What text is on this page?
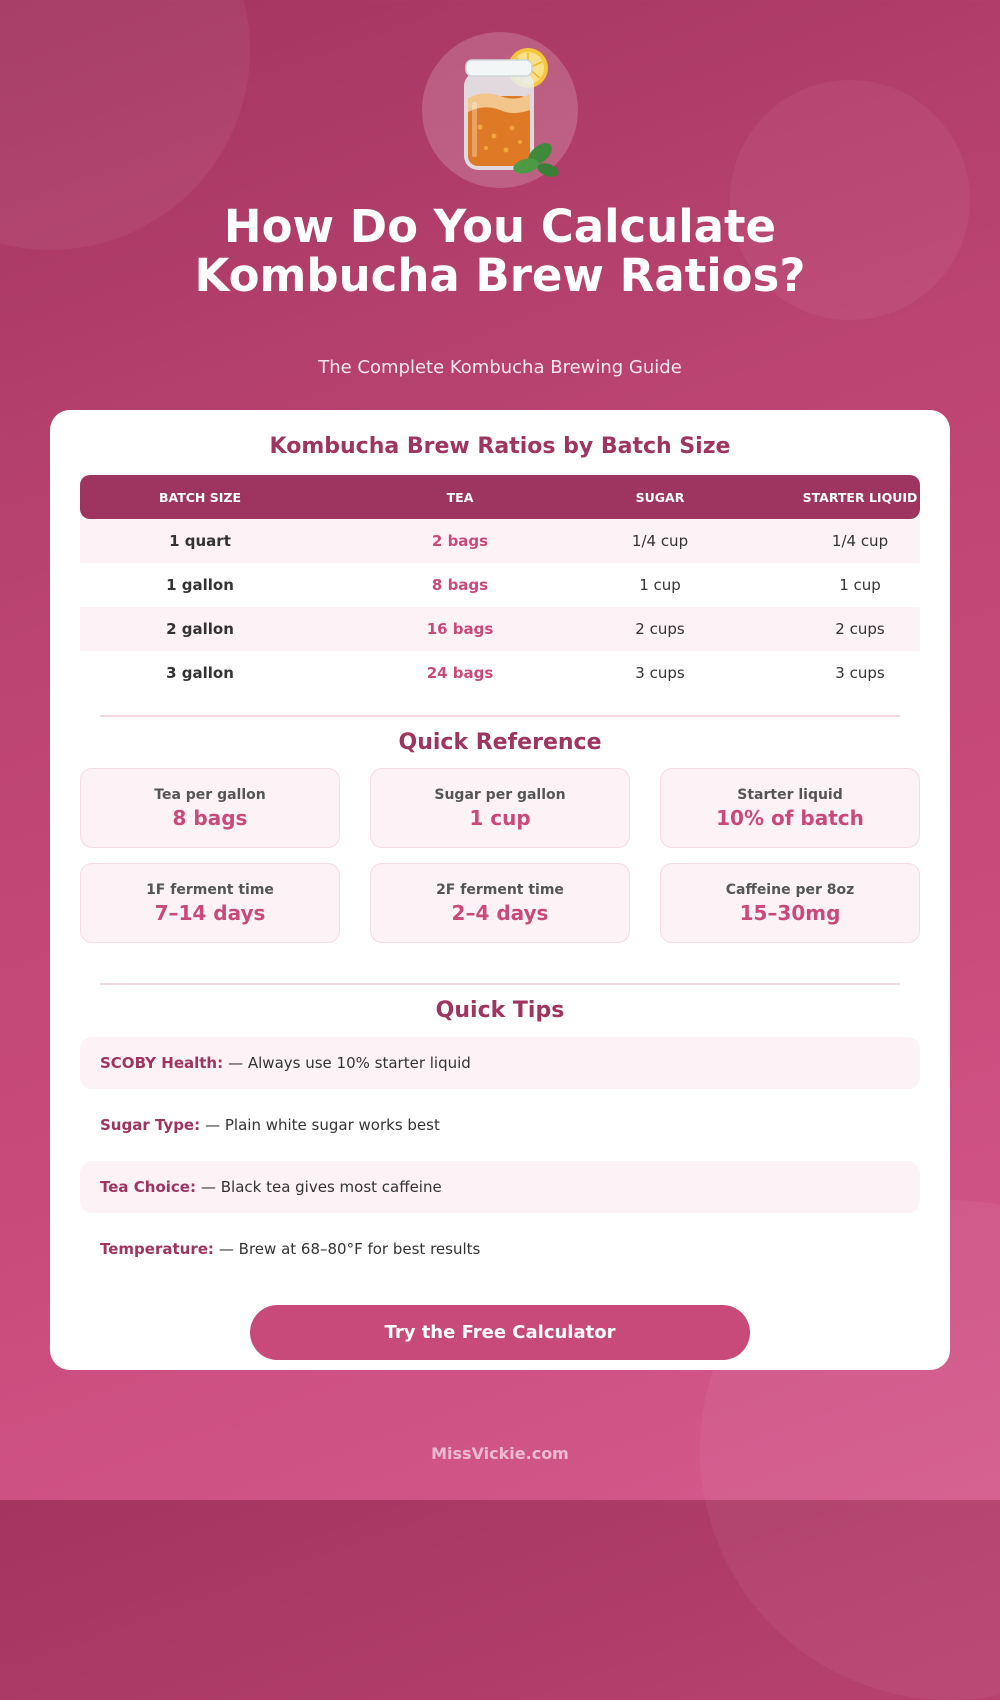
How Do You Calculate
Kombucha Brew Ratios?
The Complete Kombucha Brewing Guide
Kombucha Brew Ratios by Batch Size
BATCH SIZE	TEA	SUGAR	STARTER LIQUID
1 quart	2 bags	1/4 cup	1/4 cup
1 gallon	8 bags	1 cup	1 cup
2 gallon	16 bags	2 cups	2 cups
3 gallon	24 bags	3 cups	3 cups
Quick Reference
Tea per gallon
8 bags
Sugar per gallon
1 cup
Starter liquid
10% of batch
1F ferment time
7–14 days
2F ferment time
2–4 days
Caffeine per 8oz
15–30mg
Quick Tips
SCOBY Health: — Always use 10% starter liquid
Sugar Type: — Plain white sugar works best
Tea Choice: — Black tea gives most caffeine
Temperature: — Brew at 68–80°F for best results
Try the Free Calculator
MissVickie.com
